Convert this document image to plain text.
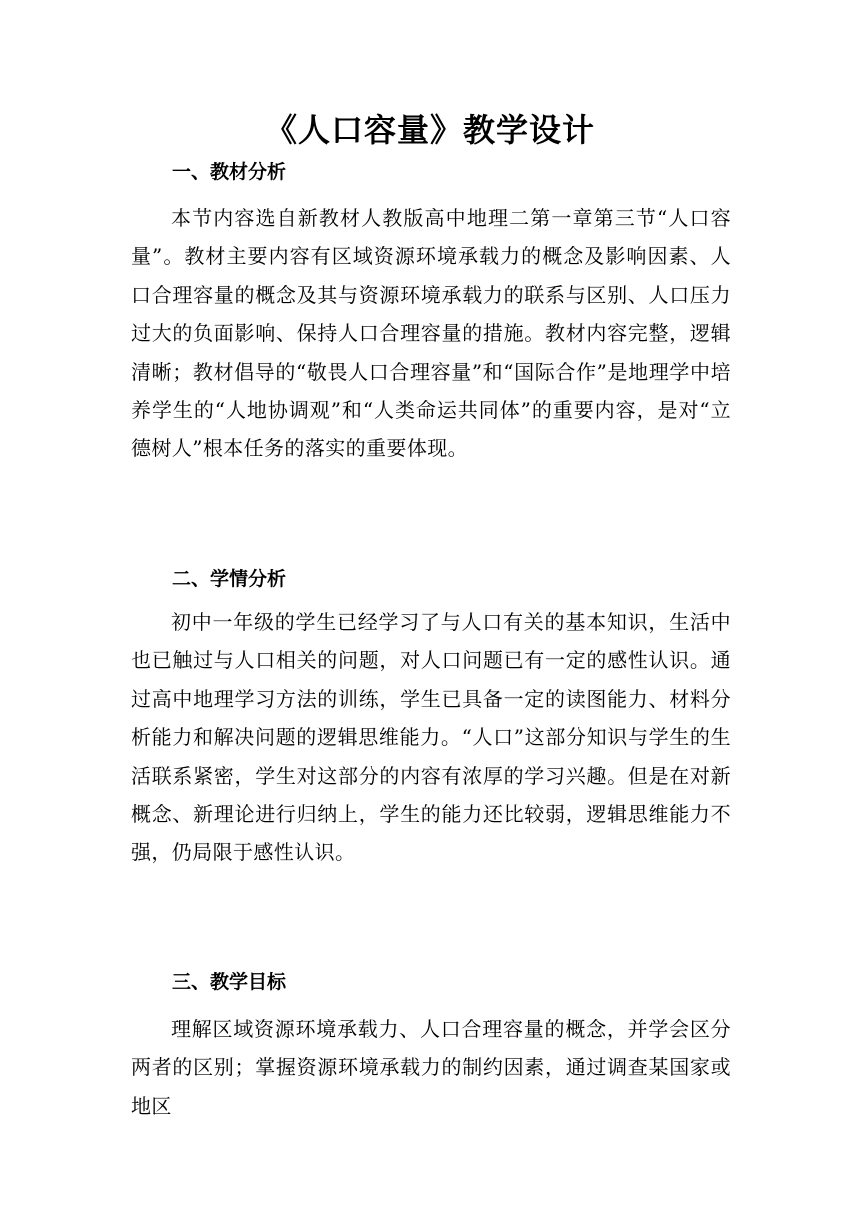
《人口容量》教学设计
一、教材分析
本节内容选自新教材人教版高中地理二第一章第三节“人口容量”。教材主要内容有区域资源环境承载力的概念及影响因素、人口合理容量的概念及其与资源环境承载力的联系与区别、人口压力过大的负面影响、保持人口合理容量的措施。教材内容完整，逻辑清晰；教材倡导的“敬畏人口合理容量”和“国际合作”是地理学中培养学生的“人地协调观”和“人类命运共同体”的重要内容，是对“立德树人”根本任务的落实的重要体现。
二、学情分析
初中一年级的学生已经学习了与人口有关的基本知识，生活中也已触过与人口相关的问题，对人口问题已有一定的感性认识。通过高中地理学习方法的训练，学生已具备一定的读图能力、材料分析能力和解决问题的逻辑思维能力。“人口”这部分知识与学生的生活联系紧密，学生对这部分的内容有浓厚的学习兴趣。但是在对新概念、新理论进行归纳上，学生的能力还比较弱，逻辑思维能力不强，仍局限于感性认识。
三、教学目标
理解区域资源环境承载力、人口合理容量的概念，并学会区分两者的区别；掌握资源环境承载力的制约因素，通过调查某国家或地区
